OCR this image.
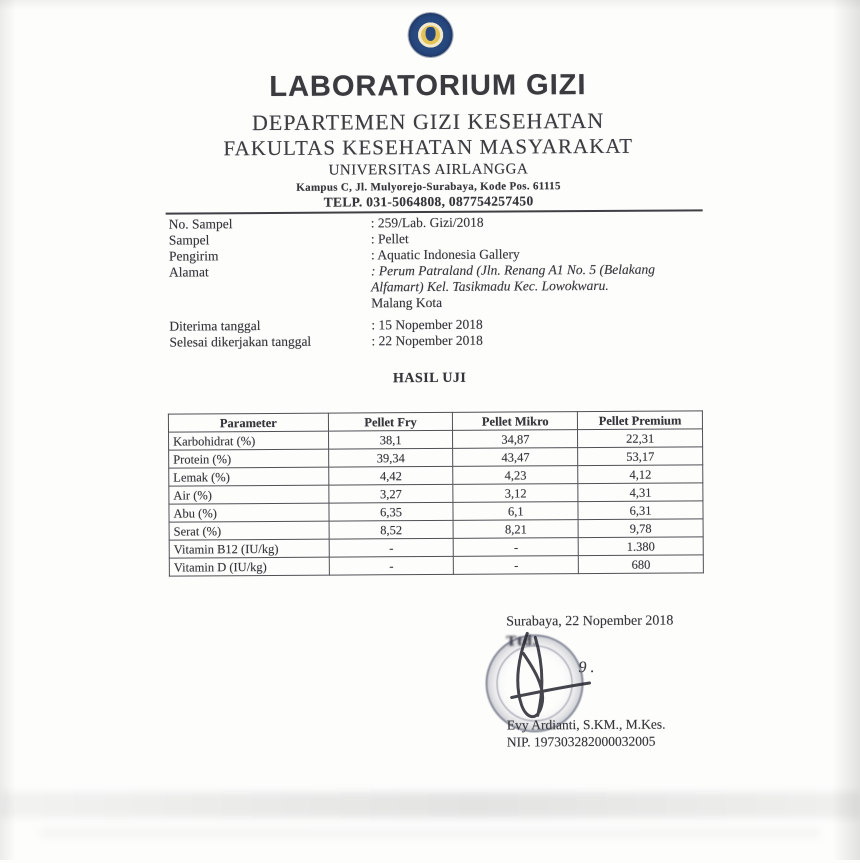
LABORATORIUM GIZI
DEPARTEMEN GIZI KESEHATAN
FAKULTAS KESEHATAN MASYARAKAT
UNIVERSITAS AIRLANGGA
Kampus C, Jl. Mulyorejo-Surabaya, Kode Pos. 61115
TELP. 031-5064808, 087754257450
No. Sampel	: 259/Lab. Gizi/2018
Sampel	: Pellet
Pengirim	: Aquatic Indonesia Gallery
Alamat	: Perum Patraland (Jln. Renang A1 No. 5 (Belakang
Alfamart) Kel. Tasikmadu Kec. Lowokwaru.
Malang Kota
Diterima tanggal	: 15 Nopember 2018
Selesai dikerjakan tanggal	: 22 Nopember 2018
HASIL UJI
Parameter	Pellet Fry	Pellet Mikro	Pellet Premium
Karbohidrat (%)	38,1	34,87	22,31
Protein (%)	39,34	43,47	53,17
Lemak (%)	4,42	4,23	4,12
Air (%)	3,27	3,12	4,31
Abu (%)	6,35	6,1	6,31
Serat (%)	8,52	8,21	9,78
Vitamin B12 (IU/kg)	-	-	1.380
Vitamin D (IU/kg)	-	-	680
Surabaya, 22 Nopember 2018
Ttd.
9 .
Evy Ardianti, S.KM., M.Kes.
NIP. 197303282000032005
